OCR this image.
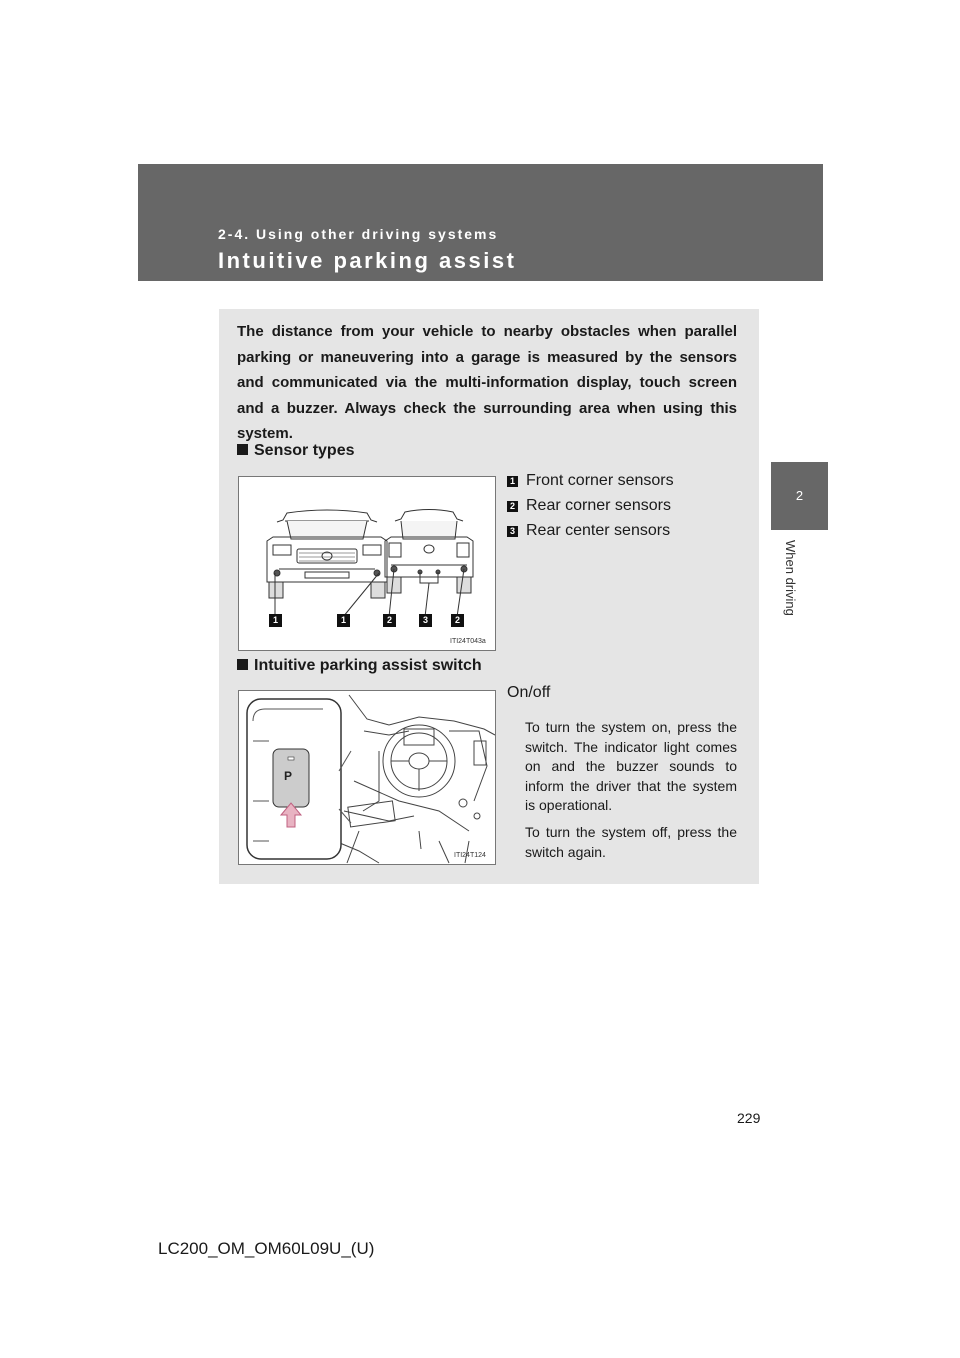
2-4. Using other driving systems
Intuitive parking assist
2
When driving
The distance from your vehicle to nearby obstacles when parallel parking or maneuvering into a garage is measured by the sensors and communicated via the multi-information display, touch screen and a buzzer. Always check the surrounding area when using this system.
Sensor types
1	1	2	3	2
ITI24T043a
1 Front corner sensors
2 Rear corner sensors
3 Rear center sensors
Intuitive parking assist switch
P
ITI24T124
On/off
To turn the system on, press the switch. The indicator light comes on and the buzzer sounds to inform the driver that the system is operational.
To turn the system off, press the switch again.
229
LC200_OM_OM60L09U_(U)
